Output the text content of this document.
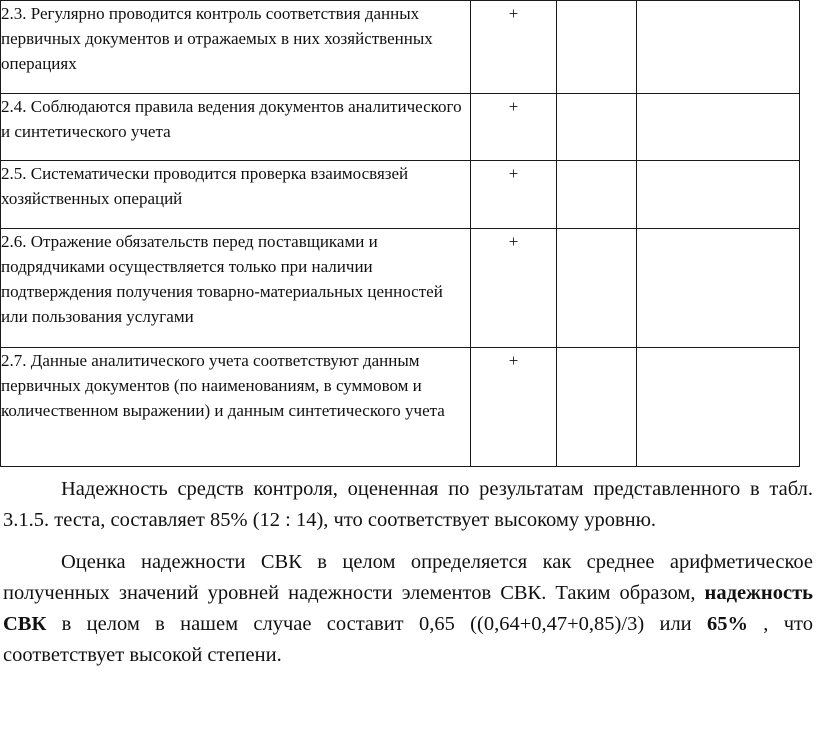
2.3. Регулярно проводится контроль соответствия данных первичных документов и отражаемых в них хозяйственных операциях	+		
2.4. Соблюдаются правила ведения документов аналитического и синтетического учета	+		
2.5. Систематически проводится проверка взаимосвязей хозяйственных операций	+		
2.6. Отражение обязательств перед поставщиками и подрядчиками осуществляется только при наличии подтверждения получения товарно-материальных ценностей или пользования услугами	+		
2.7. Данные аналитического учета соответствуют данным первичных документов (по наименованиям, в суммовом и количественном выражении) и данным синтетического учета	+		

Надежность средств контроля, оцененная по результатам представленного в табл. 3.1.5. теста, составляет 85% (12 : 14), что соответствует высокому уровню.

Оценка надежности СВК в целом определяется как среднее арифметическое полученных значений уровней надежности элементов СВК. Таким образом, надежность СВК в целом в нашем случае составит 0,65 ((0,64+0,47+0,85)/3) или 65% , что соответствует высокой степени.
